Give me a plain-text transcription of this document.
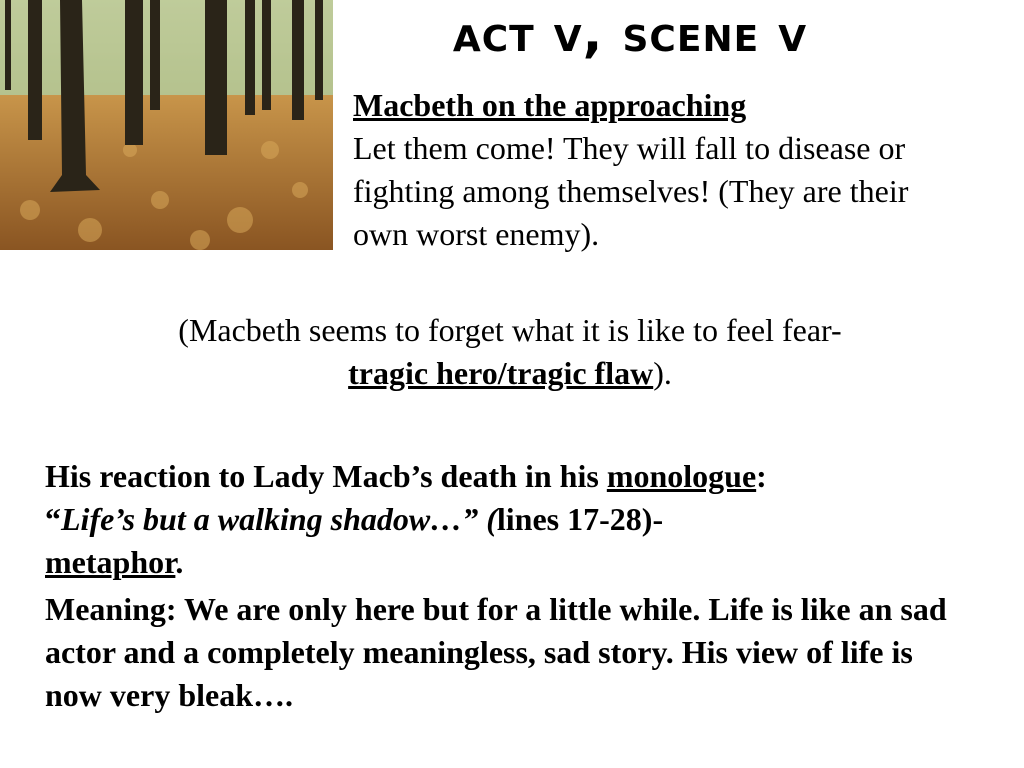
act v, scene v
Macbeth on the approaching
Let them come! They will fall to disease or fighting among themselves! (They are their own worst enemy).
(Macbeth seems to forget what it is like to feel fear-
tragic hero/tragic flaw).

His reaction to Lady Macb’s death in his monologue:
“Life’s but a walking shadow…” (lines 17-28)-
metaphor.

Meaning: We are only here but for a little while. Life is like an sad actor and a completely meaningless, sad story. His view of life is now very bleak….
